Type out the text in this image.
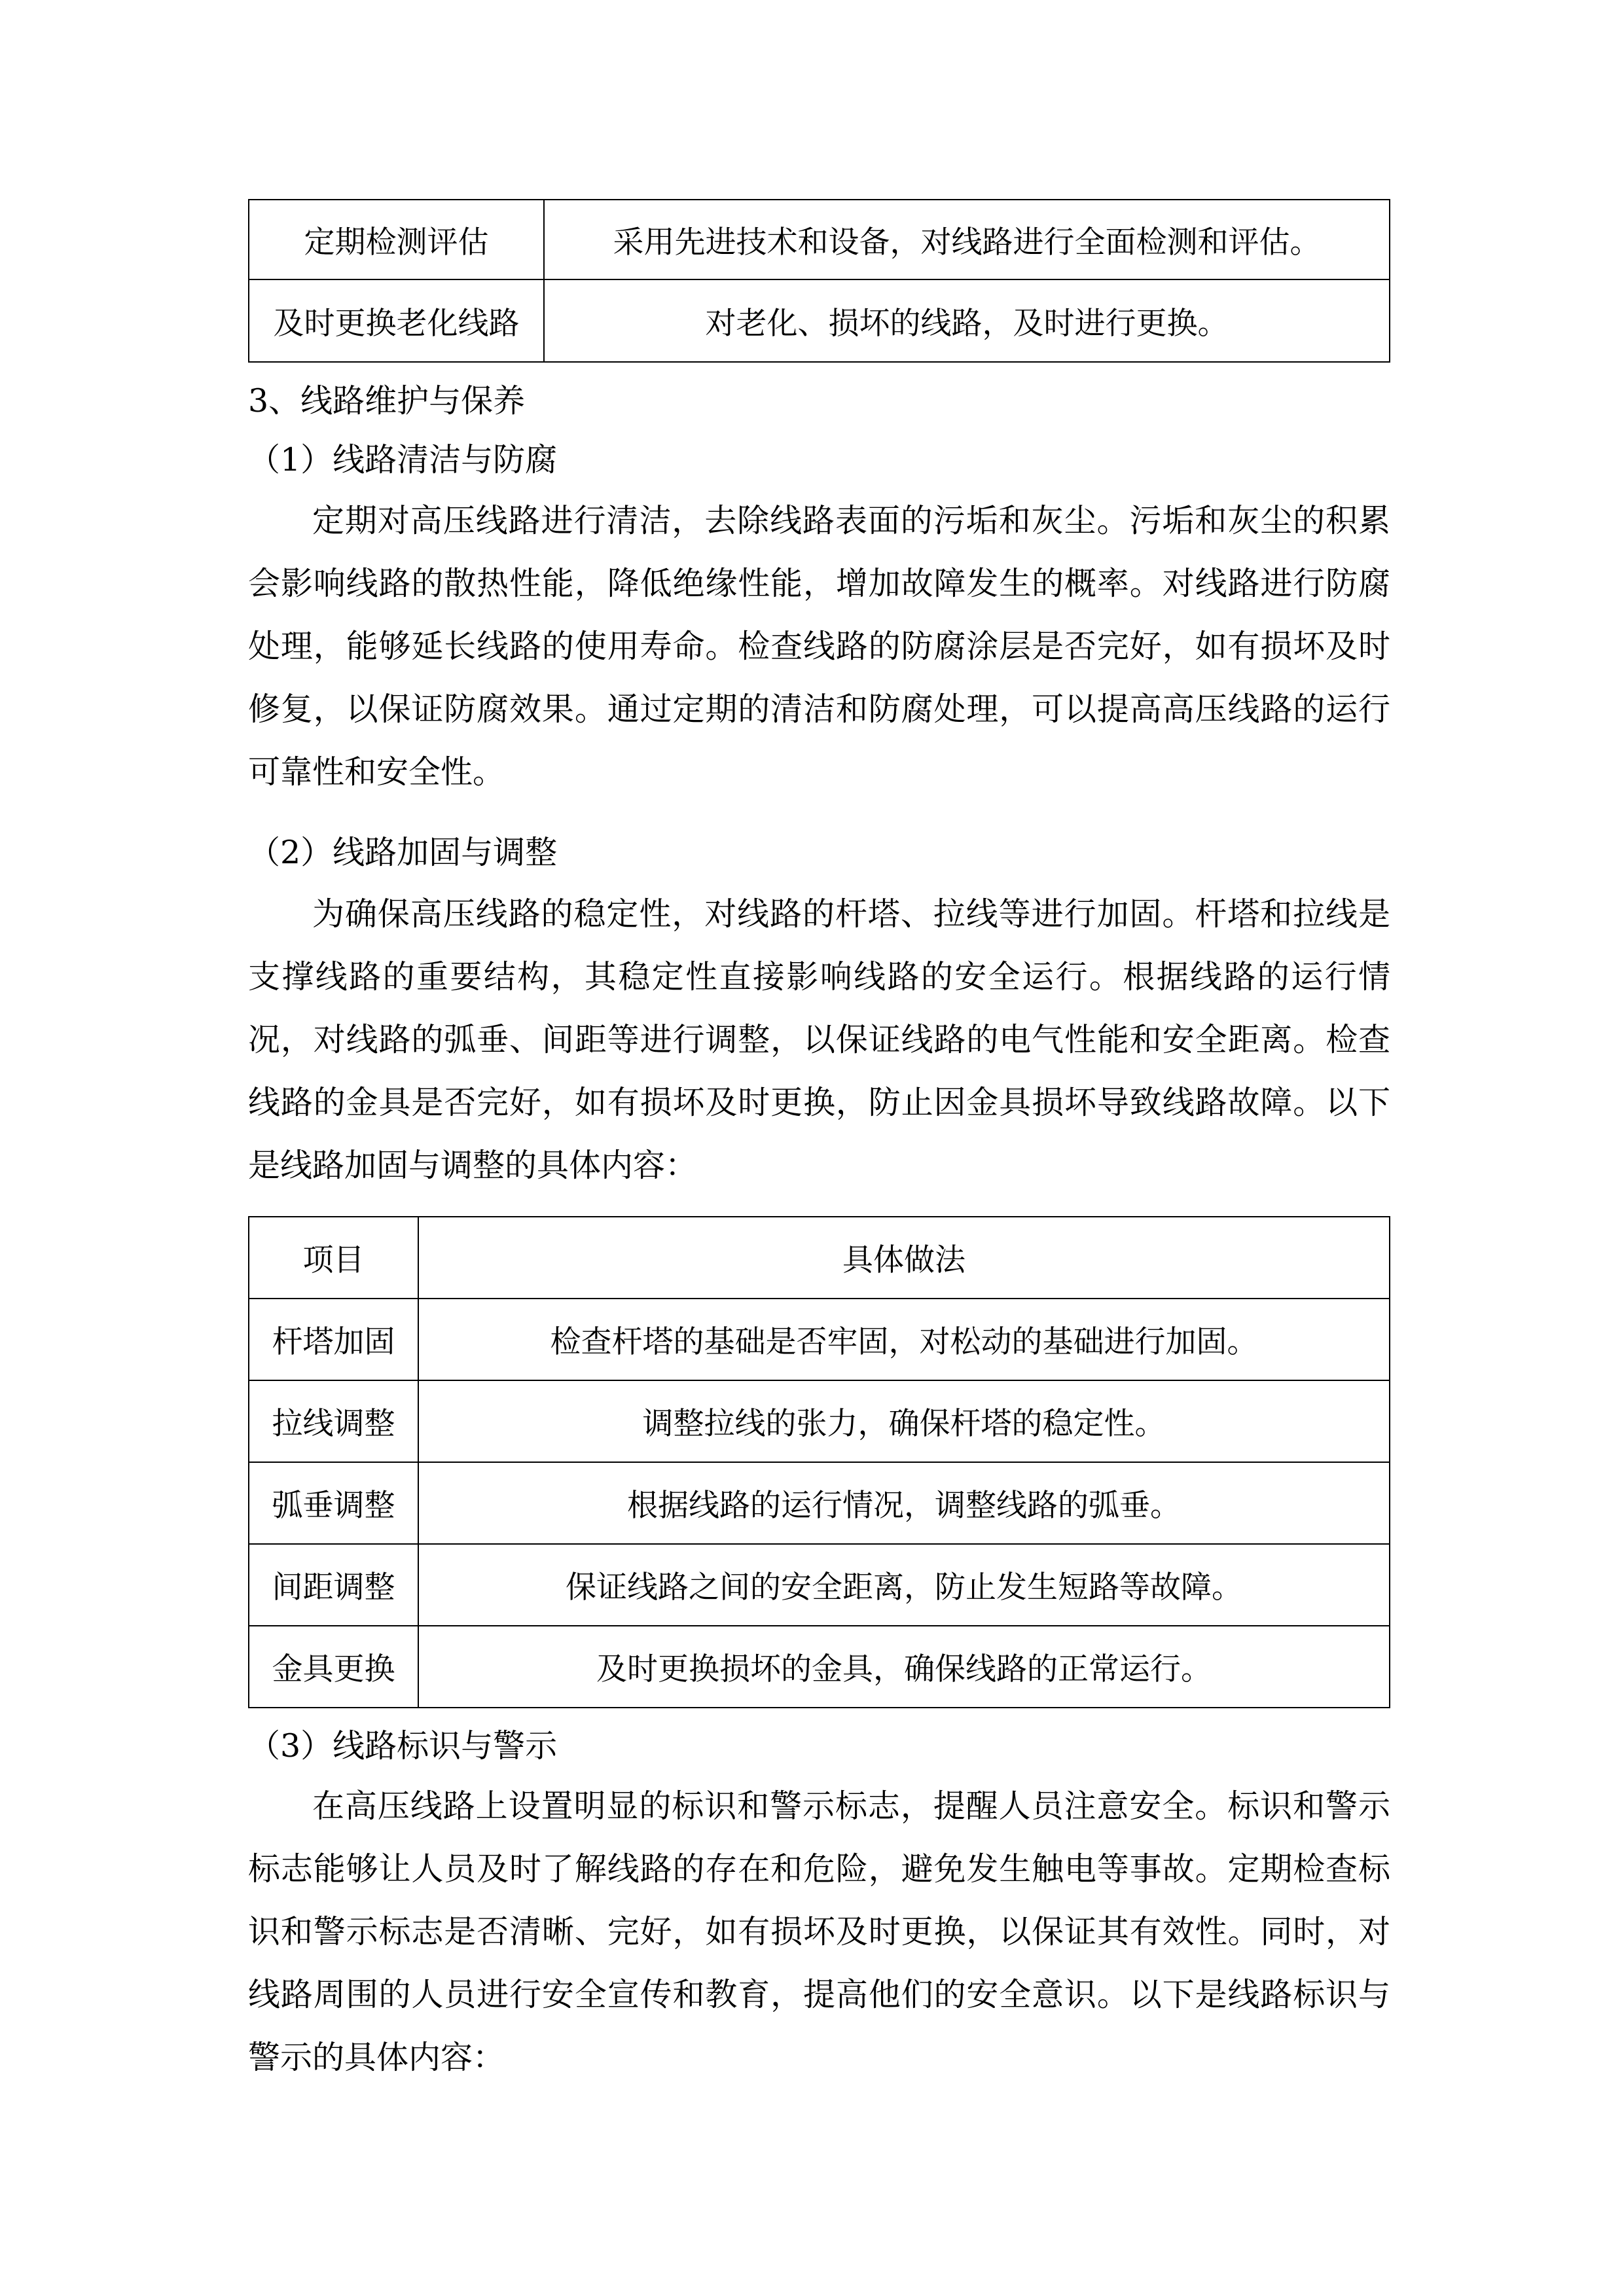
定期检测评估	采用先进技术和设备，对线路进行全面检测和评估。
及时更换老化线路	对老化、损坏的线路，及时进行更换。
3、线路维护与保养
（1）线路清洁与防腐
定期对高压线路进行清洁，去除线路表面的污垢和灰尘。污垢和灰尘的积累会影响线路的散热性能，降低绝缘性能，增加故障发生的概率。对线路进行防腐处理，能够延长线路的使用寿命。检查线路的防腐涂层是否完好，如有损坏及时修复，以保证防腐效果。通过定期的清洁和防腐处理，可以提高高压线路的运行可靠性和安全性。
（2）线路加固与调整
为确保高压线路的稳定性，对线路的杆塔、拉线等进行加固。杆塔和拉线是支撑线路的重要结构，其稳定性直接影响线路的安全运行。根据线路的运行情况，对线路的弧垂、间距等进行调整，以保证线路的电气性能和安全距离。检查线路的金具是否完好，如有损坏及时更换，防止因金具损坏导致线路故障。以下是线路加固与调整的具体内容：
项目	具体做法
杆塔加固	检查杆塔的基础是否牢固，对松动的基础进行加固。
拉线调整	调整拉线的张力，确保杆塔的稳定性。
弧垂调整	根据线路的运行情况，调整线路的弧垂。
间距调整	保证线路之间的安全距离，防止发生短路等故障。
金具更换	及时更换损坏的金具，确保线路的正常运行。
（3）线路标识与警示
在高压线路上设置明显的标识和警示标志，提醒人员注意安全。标识和警示标志能够让人员及时了解线路的存在和危险，避免发生触电等事故。定期检查标识和警示标志是否清晰、完好，如有损坏及时更换，以保证其有效性。同时，对线路周围的人员进行安全宣传和教育，提高他们的安全意识。以下是线路标识与警示的具体内容：
